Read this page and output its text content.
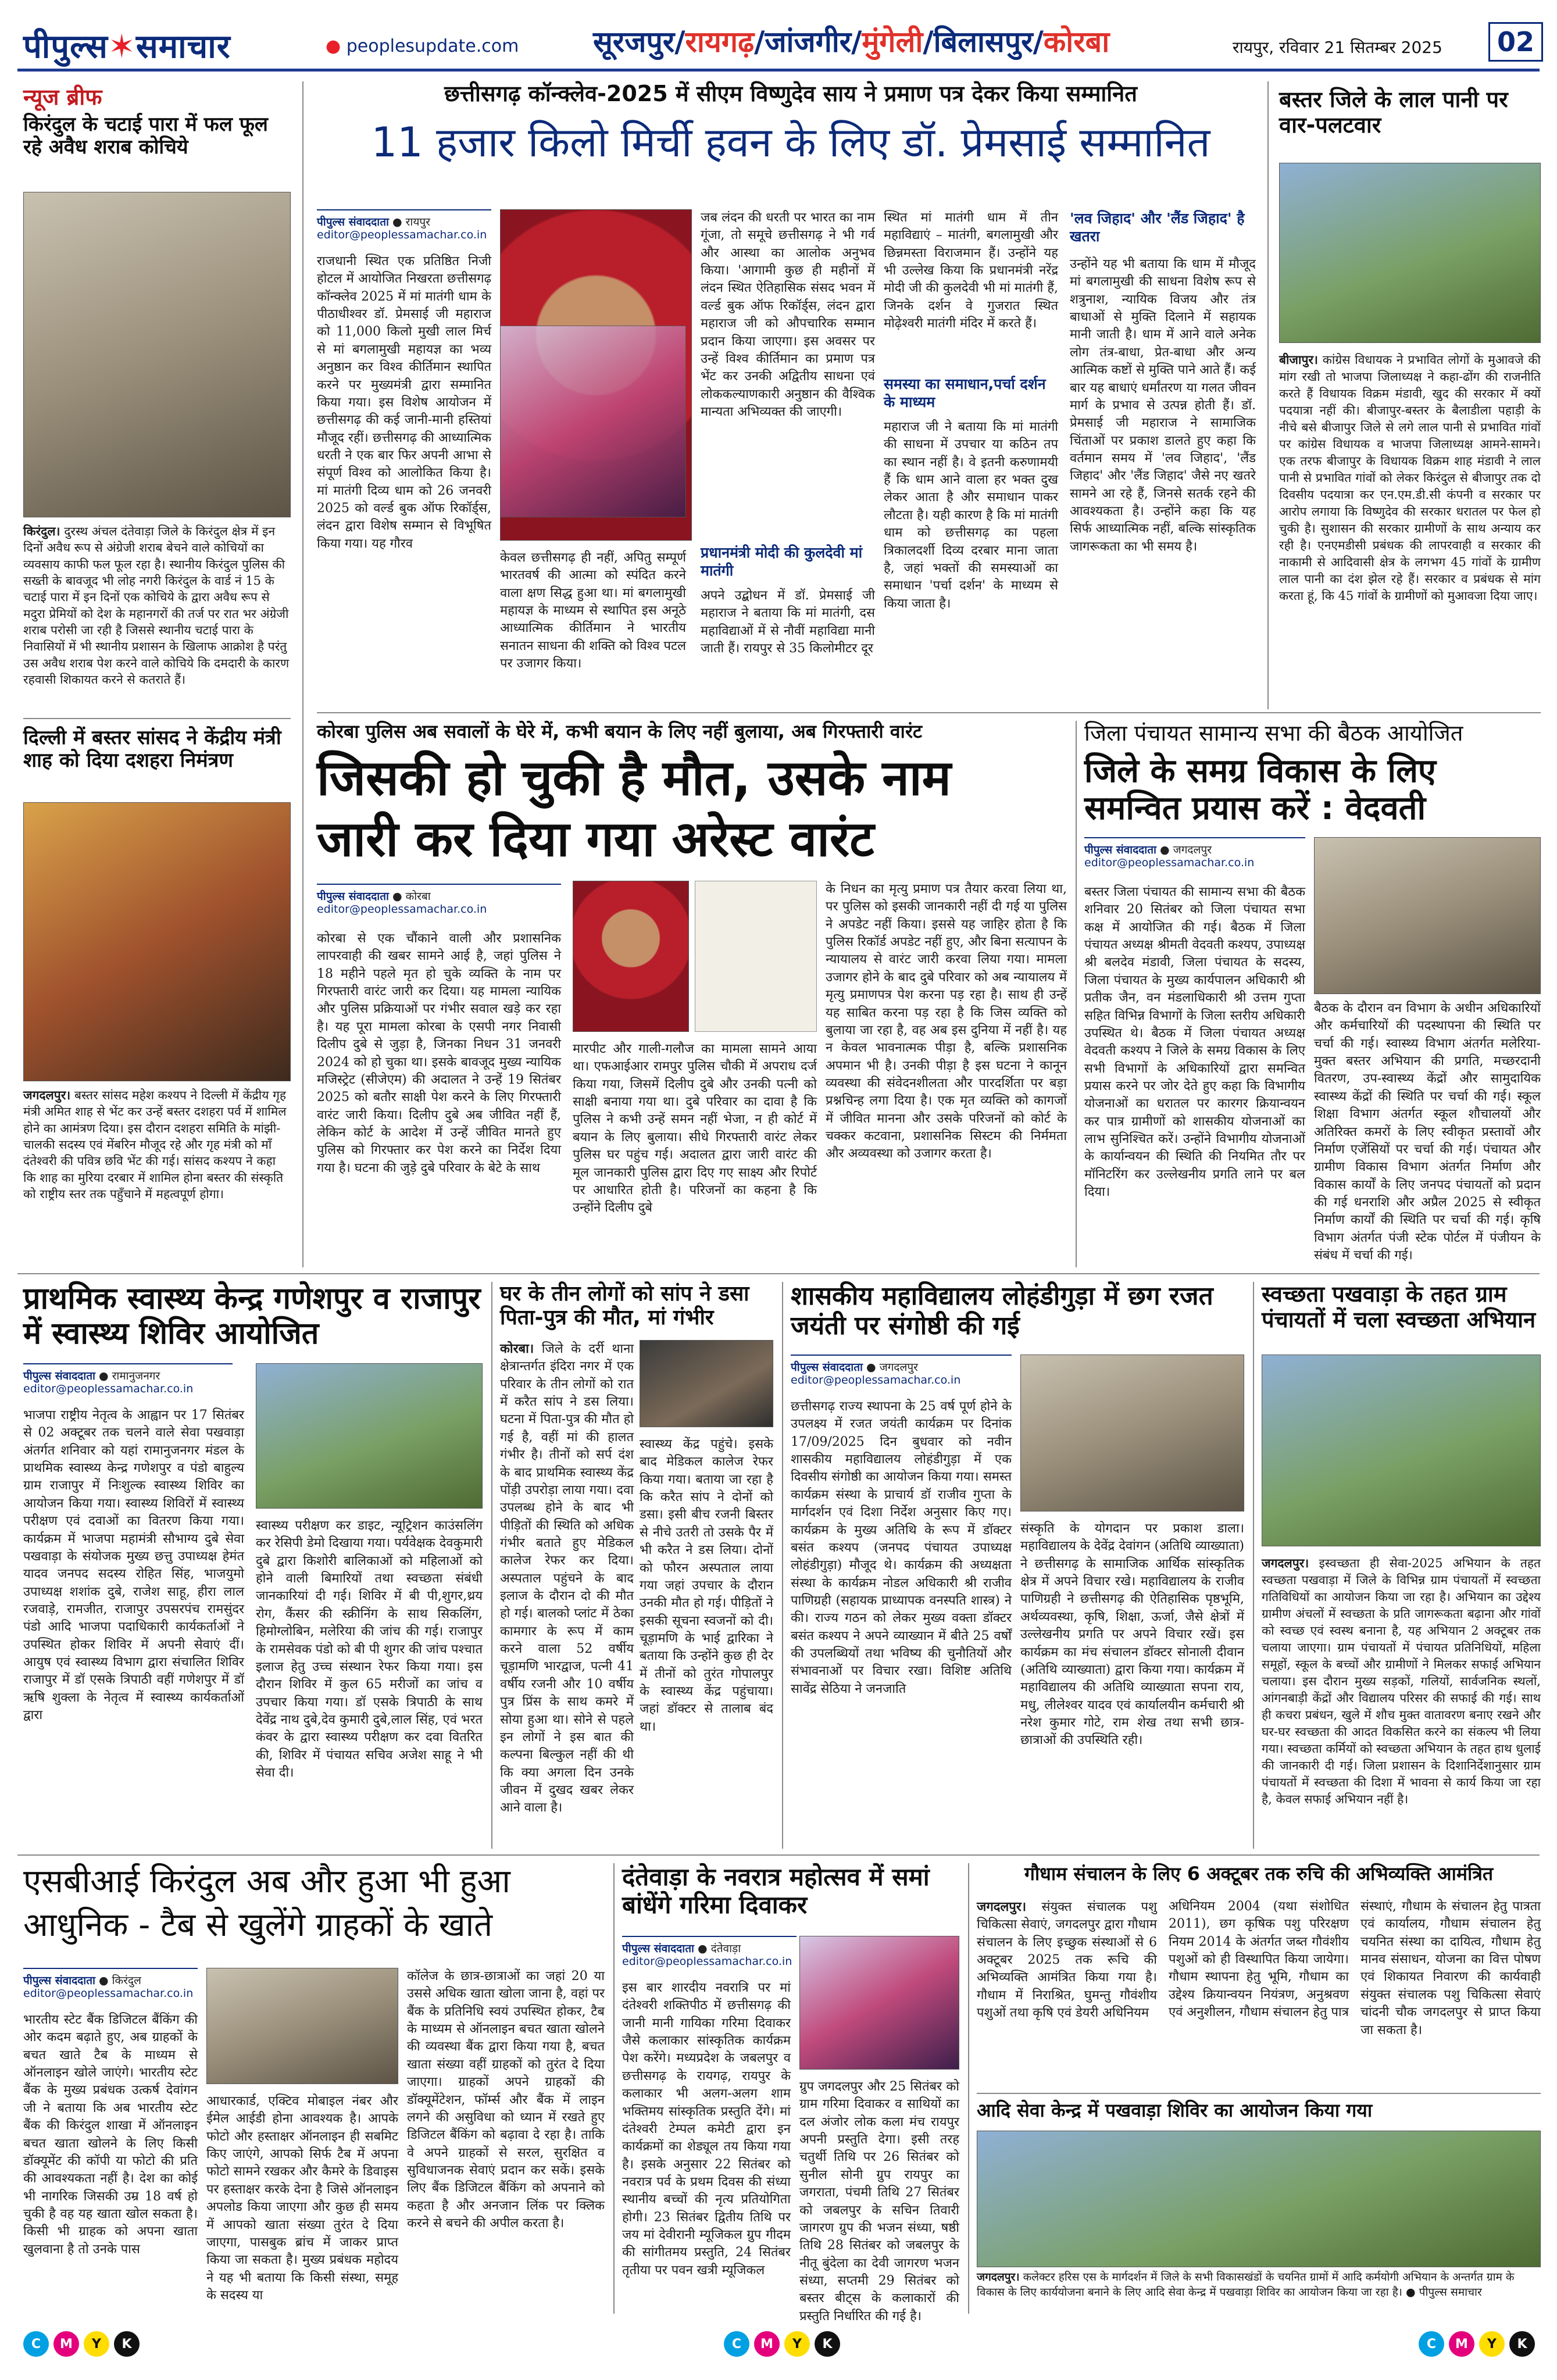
पीपुल्स✶समाचार	● peoplesupdate.com	सूरजपुर/रायगढ़/जांजगीर/मुंगेली/बिलासपुर/कोरबा	रायपुर, रविवार 21 सितम्बर 2025	02
न्यूज ब्रीफ
किरंदुल के चटाई पारा में फल फूल रहे अवैध शराब कोचिये
किरंदुल। दुरस्थ अंचल दंतेवाड़ा जिले के किरंदुल क्षेत्र में इन दिनों अवैध रूप से अंग्रेजी शराब बेचने वाले कोचियों का व्यवसाय काफी फल फूल रहा है। स्थानीय किरंदुल पुलिस की सख्ती के बावजूद भी लोह नगरी किरंदुल के वार्ड नं 15 के चटाई पारा में इन दिनों एक कोचिये के द्वारा अवैध रूप से मदुरा प्रेमियों को देश के महानगरों की तर्ज पर रात भर अंग्रेजी शराब परोसी जा रही है जिससे स्थानीय चटाई पारा के निवासियों में भी स्थानीय प्रशासन के खिलाफ आक्रोश है परंतु उस अवैध शराब पेश करने वाले कोचिये कि दमदारी के कारण रहवासी शिकायत करने से कतराते हैं।
दिल्ली में बस्तर सांसद ने केंद्रीय मंत्री शाह को दिया दशहरा निमंत्रण
जगदलपुर। बस्तर सांसद महेश कश्यप ने दिल्ली में केंद्रीय गृह मंत्री अमित शाह से भेंट कर उन्हें बस्तर दशहरा पर्व में शामिल होने का आमंत्रण दिया। इस दौरान दशहरा समिति के मांझी-चालकी सदस्य एवं मेंबरिन मौजूद रहे और गृह मंत्री को माँ दंतेश्वरी की पवित्र छवि भेंट की गई। सांसद कश्यप ने कहा कि शाह का मुरिया दरबार में शामिल होना बस्तर की संस्कृति को राष्ट्रीय स्तर तक पहुँचाने में महत्वपूर्ण होगा।
छत्तीसगढ़ कॉन्क्लेव-2025 में सीएम विष्णुदेव साय ने प्रमाण पत्र देकर किया सम्मानित
11 हजार किलो मिर्ची हवन के लिए डॉ. प्रेमसाई सम्मानित
पीपुल्स संवाददाता ● रायपुर
editor@peoplessamachar.co.in
राजधानी स्थित एक प्रतिष्ठित निजी होटल में आयोजित निखरता छत्तीसगढ़ कॉन्क्लेव 2025 में मां मातंगी धाम के पीठाधीश्वर डॉ. प्रेमसाई जी महाराज को 11,000 किलो मुखी लाल मिर्च से मां बगलामुखी महायज्ञ का भव्य अनुष्ठान कर विश्व कीर्तिमान स्थापित करने पर मुख्यमंत्री द्वारा सम्मानित किया गया। इस विशेष आयोजन में छत्तीसगढ़ की कई जानी-मानी हस्तियां मौजूद रहीं। छत्तीसगढ़ की आध्यात्मिक धरती ने एक बार फिर अपनी आभा से संपूर्ण विश्व को आलोकित किया है। मां मातंगी दिव्य धाम को 26 जनवरी 2025 को वर्ल्ड बुक ऑफ रिकॉर्ड्स, लंदन द्वारा विशेष सम्मान से विभूषित किया गया। यह गौरव
केवल छत्तीसगढ़ ही नहीं, अपितु सम्पूर्ण भारतवर्ष की आत्मा को स्पंदित करने वाला क्षण सिद्ध हुआ था। मां बगलामुखी महायज्ञ के माध्यम से स्थापित इस अनूठे आध्यात्मिक कीर्तिमान ने भारतीय सनातन साधना की शक्ति को विश्व पटल पर उजागर किया।
जब लंदन की धरती पर भारत का नाम गूंजा, तो समूचे छत्तीसगढ़ ने भी गर्व और आस्था का आलोक अनुभव किया। 'आगामी कुछ ही महीनों में लंदन स्थित ऐतिहासिक संसद भवन में वर्ल्ड बुक ऑफ रिकॉर्ड्स, लंदन द्वारा महाराज जी को औपचारिक सम्मान प्रदान किया जाएगा। इस अवसर पर उन्हें विश्व कीर्तिमान का प्रमाण पत्र भेंट कर उनकी अद्वितीय साधना एवं लोककल्याणकारी अनुष्ठान की वैश्विक मान्यता अभिव्यक्त की जाएगी।
प्रधानमंत्री मोदी की कुलदेवी मां मातंगी
अपने उद्बोधन में डॉ. प्रेमसाई जी महाराज ने बताया कि मां मातंगी, दस महाविद्याओं में से नौवीं महाविद्या मानी जाती हैं। रायपुर से 35 किलोमीटर दूर
स्थित मां मातंगी धाम में तीन महाविद्याएं – मातंगी, बगलामुखी और छिन्नमस्ता विराजमान हैं। उन्होंने यह भी उल्लेख किया कि प्रधानमंत्री नरेंद्र मोदी जी की कुलदेवी भी मां मातंगी हैं, जिनके दर्शन वे गुजरात स्थित मोढ़ेश्वरी मातंगी मंदिर में करते हैं।
समस्या का समाधान,पर्चा दर्शन के माध्यम
महाराज जी ने बताया कि मां मातंगी की साधना में उपचार या कठिन तप का स्थान नहीं है। वे इतनी करुणामयी हैं कि धाम आने वाला हर भक्त दुख लेकर आता है और समाधान पाकर लौटता है। यही कारण है कि मां मातंगी धाम को छत्तीसगढ़ का पहला त्रिकालदर्शी दिव्य दरबार माना जाता है, जहां भक्तों की समस्याओं का समाधान 'पर्चा दर्शन' के माध्यम से किया जाता है।
'लव जिहाद' और 'लैंड जिहाद' है खतरा
उन्होंने यह भी बताया कि धाम में मौजूद मां बगलामुखी की साधना विशेष रूप से शत्रुनाश, न्यायिक विजय और तंत्र बाधाओं से मुक्ति दिलाने में सहायक मानी जाती है। धाम में आने वाले अनेक लोग तंत्र-बाधा, प्रेत-बाधा और अन्य आत्मिक कष्टों से मुक्ति पाने आते हैं। कई बार यह बाधाएं धर्मांतरण या गलत जीवन मार्ग के प्रभाव से उत्पन्न होती हैं। डॉ. प्रेमसाई जी महाराज ने सामाजिक चिंताओं पर प्रकाश डालते हुए कहा कि वर्तमान समय में 'लव जिहाद', 'लैंड जिहाद' और 'लैंड जिहाद' जैसे नए खतरे सामने आ रहे हैं, जिनसे सतर्क रहने की आवश्यकता है। उन्होंने कहा कि यह सिर्फ आध्यात्मिक नहीं, बल्कि सांस्कृतिक जागरूकता का भी समय है।
बस्तर जिले के लाल पानी पर वार-पलटवार
बीजापुर। कांग्रेस विधायक ने प्रभावित लोगों के मुआवजे की मांग रखी तो भाजपा जिलाध्यक्ष ने कहा-ढोंग की राजनीति करते हैं विधायक विक्रम मंडावी, खुद की सरकार में क्यों पदयात्रा नहीं की। बीजापुर-बस्तर के बैलाडीला पहाड़ी के नीचे बसे बीजापुर जिले से लगे लाल पानी से प्रभावित गांवों पर कांग्रेस विधायक व भाजपा जिलाध्यक्ष आमने-सामने। एक तरफ बीजापुर के विधायक विक्रम शाह मंडावी ने लाल पानी से प्रभावित गांवों को लेकर किरंदुल से बीजापुर तक दो दिवसीय पदयात्रा कर एन.एम.डी.सी कंपनी व सरकार पर आरोप लगाया कि विष्णुदेव की सरकार धरातल पर फेल हो चुकी है। सुशासन की सरकार ग्रामीणों के साथ अन्याय कर रही है। एनएमडीसी प्रबंधक की लापरवाही व सरकार की नाकामी से आदिवासी क्षेत्र के लगभग 45 गांवों के ग्रामीण लाल पानी का दंश झेल रहे हैं। सरकार व प्रबंधक से मांग करता हूं, कि 45 गांवों के ग्रामीणों को मुआवजा दिया जाए।
कोरबा पुलिस अब सवालों के घेरे में, कभी बयान के लिए नहीं बुलाया, अब गिरफ्तारी वारंट
जिसकी हो चुकी है मौत, उसके नाम
जारी कर दिया गया अरेस्ट वारंट
पीपुल्स संवाददाता ● कोरबा
editor@peoplessamachar.co.in
कोरबा से एक चौंकाने वाली और प्रशासनिक लापरवाही की खबर सामने आई है, जहां पुलिस ने 18 महीने पहले मृत हो चुके व्यक्ति के नाम पर गिरफ्तारी वारंट जारी कर दिया। यह मामला न्यायिक और पुलिस प्रक्रियाओं पर गंभीर सवाल खड़े कर रहा है। यह पूरा मामला कोरबा के एसपी नगर निवासी दिलीप दुबे से जुड़ा है, जिनका निधन 31 जनवरी 2024 को हो चुका था। इसके बावजूद मुख्य न्यायिक मजिस्ट्रेट (सीजेएम) की अदालत ने उन्हें 19 सितंबर 2025 को बतौर साक्षी पेश करने के लिए गिरफ्तारी वारंट जारी किया। दिलीप दुबे अब जीवित नहीं हैं, लेकिन कोर्ट के आदेश में उन्हें जीवित मानते हुए पुलिस को गिरफ्तार कर पेश करने का निर्देश दिया गया है। घटना की जुड़े दुबे परिवार के बेटे के साथ
मारपीट और गाली-गलौज का मामला सामने आया था। एफआईआर रामपुर पुलिस चौकी में अपराध दर्ज किया गया, जिसमें दिलीप दुबे और उनकी पत्नी को साक्षी बनाया गया था। दुबे परिवार का दावा है कि पुलिस ने कभी उन्हें समन नहीं भेजा, न ही कोर्ट में बयान के लिए बुलाया। सीधे गिरफ्तारी वारंट लेकर पुलिस घर पहुंच गई। अदालत द्वारा जारी वारंट की मूल जानकारी पुलिस द्वारा दिए गए साक्ष्य और रिपोर्ट पर आधारित होती है। परिजनों का कहना है कि उन्होंने दिलीप दुबे
के निधन का मृत्यु प्रमाण पत्र तैयार करवा लिया था, पर पुलिस को इसकी जानकारी नहीं दी गई या पुलिस ने अपडेट नहीं किया। इससे यह जाहिर होता है कि पुलिस रिकॉर्ड अपडेट नहीं हुए, और बिना सत्यापन के न्यायालय से वारंट जारी करवा लिया गया। मामला उजागर होने के बाद दुबे परिवार को अब न्यायालय में मृत्यु प्रमाणपत्र पेश करना पड़ रहा है। साथ ही उन्हें यह साबित करना पड़ रहा है कि जिस व्यक्ति को बुलाया जा रहा है, वह अब इस दुनिया में नहीं है। यह न केवल भावनात्मक पीड़ा है, बल्कि प्रशासनिक अपमान भी है। उनकी पीड़ा है इस घटना ने कानून व्यवस्था की संवेदनशीलता और पारदर्शिता पर बड़ा प्रश्नचिन्ह लगा दिया है। एक मृत व्यक्ति को कागजों में जीवित मानना और उसके परिजनों को कोर्ट के चक्कर कटवाना, प्रशासनिक सिस्टम की निर्ममता और अव्यवस्था को उजागर करता है।
जिला पंचायत सामान्य सभा की बैठक आयोजित
जिले के समग्र विकास के लिए समन्वित प्रयास करें : वेदवती
पीपुल्स संवाददाता ● जगदलपुर
editor@peoplessamachar.co.in
बस्तर जिला पंचायत की सामान्य सभा की बैठक शनिवार 20 सितंबर को जिला पंचायत सभा कक्ष में आयोजित की गई। बैठक में जिला पंचायत अध्यक्ष श्रीमती वेदवती कश्यप, उपाध्यक्ष श्री बलदेव मंडावी, जिला पंचायत के सदस्य, जिला पंचायत के मुख्य कार्यपालन अधिकारी श्री प्रतीक जैन, वन मंडलाधिकारी श्री उत्तम गुप्ता सहित विभिन्न विभागों के जिला स्तरीय अधिकारी उपस्थित थे। बैठक में जिला पंचायत अध्यक्ष वेदवती कश्यप ने जिले के समग्र विकास के लिए सभी विभागों के अधिकारियों द्वारा समन्वित प्रयास करने पर जोर देते हुए कहा कि विभागीय योजनाओं का धरातल पर कारगर क्रियान्वयन कर पात्र ग्रामीणों को शासकीय योजनाओं का लाभ सुनिश्चित करें। उन्होंने विभागीय योजनाओं के कार्यान्वयन की स्थिति की नियमित तौर पर मॉनिटरिंग कर उल्लेखनीय प्रगति लाने पर बल दिया।
बैठक के दौरान वन विभाग के अधीन अधिकारियों और कर्मचारियों की पदस्थापना की स्थिति पर चर्चा की गई। स्वास्थ्य विभाग अंतर्गत मलेरिया-मुक्त बस्तर अभियान की प्रगति, मच्छरदानी वितरण, उप-स्वास्थ्य केंद्रों और सामुदायिक स्वास्थ्य केंद्रों की स्थिति पर चर्चा की गई। स्कूल शिक्षा विभाग अंतर्गत स्कूल शौचालयों और अतिरिक्त कमरों के लिए स्वीकृत प्रस्तावों और निर्माण एजेंसियों पर चर्चा की गई। पंचायत और ग्रामीण विकास विभाग अंतर्गत निर्माण और विकास कार्यों के लिए जनपद पंचायतों को प्रदान की गई धनराशि और अप्रैल 2025 से स्वीकृत निर्माण कार्यों की स्थिति पर चर्चा की गई। कृषि विभाग अंतर्गत पंजी स्टेक पोर्टल में पंजीयन के संबंध में चर्चा की गई।
प्राथमिक स्वास्थ्य केन्द्र गणेशपुर व राजापुर में स्वास्थ्य शिविर आयोजित
पीपुल्स संवाददाता ● रामानुजनगर
editor@peoplessamachar.co.in
भाजपा राष्ट्रीय नेतृत्व के आह्वान पर 17 सितंबर से 02 अक्टूबर तक चलने वाले सेवा पखवाड़ा अंतर्गत शनिवार को यहां रामानुजनगर मंडल के प्राथमिक स्वास्थ्य केन्द्र गणेशपुर व पंडो बाहुल्य ग्राम राजापुर में निःशुल्क स्वास्थ्य शिविर का आयोजन किया गया। स्वास्थ्य शिविरों में स्वास्थ्य परीक्षण एवं दवाओं का वितरण किया गया। कार्यक्रम में भाजपा महामंत्री सौभाग्य दुबे सेवा पखवाड़ा के संयोजक मुख्य छत्तु उपाध्यक्ष हेमंत यादव जनपद सदस्य रोहित सिंह, भाजयुमो उपाध्यक्ष शशांक दुबे, राजेश साहू, हीरा लाल रजवाड़े, रामजीत, राजापुर उपसरपंच रामसुंदर पंडो आदि भाजपा पदाधिकारी कार्यकर्ताओं ने उपस्थित होकर शिविर में अपनी सेवाएं दीं। आयुष एवं स्वास्थ्य विभाग द्वारा संचालित शिविर राजापुर में डॉ एसके त्रिपाठी वहीं गणेशपुर में डॉ ऋषि शुक्ला के नेतृत्व में स्वास्थ्य कार्यकर्ताओं द्वारा
स्वास्थ्य परीक्षण कर डाइट, न्यूट्रिशन काउंसलिंग कर रेसिपी डेमो दिखाया गया। पर्यवेक्षक देवकुमारी दुबे द्वारा किशोरी बालिकाओं को महिलाओं को होने वाली बिमारियों तथा स्वच्छता संबंधी जानकारियां दी गई। शिविर में बी पी,शुगर,थ्रय रोग, कैंसर की स्क्रीनिंग के साथ सिकलिंग, हिमोग्लोबिन, मलेरिया की जांच की गई। राजापुर के रामसेवक पंडो को बी पी शुगर की जांच पश्चात इलाज हेतु उच्च संस्थान रेफर किया गया। इस दौरान शिविर में कुल 65 मरीजों का जांच व उपचार किया गया। डॉ एसके त्रिपाठी के साथ देवेंद्र नाथ दुबे,देव कुमारी दुबे,लाल सिंह, एवं भरत कंवर के द्वारा स्वास्थ्य परीक्षण कर दवा वितरित की, शिविर में पंचायत सचिव अजेश साहू ने भी सेवा दी।
घर के तीन लोगों को सांप ने डसा पिता-पुत्र की मौत, मां गंभीर
कोरबा। जिले के दर्री थाना क्षेत्रान्तर्गत इंदिरा नगर में एक परिवार के तीन लोगों को रात में करैत सांप ने डस लिया। घटना में पिता-पुत्र की मौत हो गई है, वहीं मां की हालत गंभीर है। तीनों को सर्प दंश के बाद प्राथमिक स्वास्थ्य केंद्र पोंड़ी उपरोड़ा लाया गया। दवा उपलब्ध होने के बाद भी पीड़ितों की स्थिति को अधिक गंभीर बताते हुए मेडिकल कालेज रेफर कर दिया। अस्पताल पहुंचने के बाद इलाज के दौरान दो की मौत हो गई। बालको प्लांट में ठेका कामगार के रूप में काम करने वाला 52 वर्षीय चूड़ामणि भारद्वाज, पत्नी 41 वर्षीय रजनी और 10 वर्षीय पुत्र प्रिंस के साथ कमरे में सोया हुआ था। सोने से पहले इन लोगों ने इस बात की कल्पना बिल्कुल नहीं की थी कि क्या अगला दिन उनके जीवन में दुखद खबर लेकर आने वाला है।
स्वास्थ्य केंद्र पहुंचे। इसके बाद मेडिकल कालेज रेफर किया गया। बताया जा रहा है कि करैत सांप ने दोनों को डसा। इसी बीच रजनी बिस्तर से नीचे उतरी तो उसके पैर में भी करैत ने डस लिया। दोनों को फौरन अस्पताल लाया गया जहां उपचार के दौरान उनकी मौत हो गई। पीड़ितों ने इसकी सूचना स्वजनों को दी। चूड़ामणि के भाई द्वारिका ने बताया कि उन्होंने कुछ ही देर में तीनों को तुरंत गोपालपुर के स्वास्थ्य केंद्र पहुंचाया। जहां डॉक्टर से तालाब बंद था।
शासकीय महाविद्यालय लोहंडीगुड़ा में छग रजत जयंती पर संगोष्ठी की गई
पीपुल्स संवाददाता ● जगदलपुर
editor@peoplessamachar.co.in
छत्तीसगढ़ राज्य स्थापना के 25 वर्ष पूर्ण होने के उपलक्ष्य में रजत जयंती कार्यक्रम पर दिनांक 17/09/2025 दिन बुधवार को नवीन शासकीय महाविद्यालय लोहंडीगुड़ा में एक दिवसीय संगोष्ठी का आयोजन किया गया। समस्त कार्यक्रम संस्था के प्राचार्य डॉ राजीव गुप्ता के मार्गदर्शन एवं दिशा निर्देश अनुसार किए गए। कार्यक्रम के मुख्य अतिथि के रूप में डॉक्टर बसंत कश्यप (जनपद पंचायत उपाध्यक्ष लोहंडीगुड़ा) मौजूद थे। कार्यक्रम की अध्यक्षता संस्था के कार्यक्रम नोडल अधिकारी श्री राजीव पाणिग्रही (सहायक प्राध्यापक वनस्पति शास्त्र) ने की। राज्य गठन को लेकर मुख्य वक्ता डॉक्टर बसंत कश्यप ने अपने व्याख्यान में बीते 25 वर्षों की उपलब्धियों तथा भविष्य की चुनौतियों और संभावनाओं पर विचार रखा। विशिष्ट अतिथि सावेंद्र सेठिया ने जनजाति
संस्कृति के योगदान पर प्रकाश डाला। महाविद्यालय के देवेंद्र देवांगन (अतिथि व्याख्याता) ने छत्तीसगढ़ के सामाजिक आर्थिक सांस्कृतिक क्षेत्र में अपने विचार रखे। महाविद्यालय के राजीव पाणिग्रही ने छत्तीसगढ़ की ऐतिहासिक पृष्ठभूमि, अर्थव्यवस्था, कृषि, शिक्षा, ऊर्जा, जैसे क्षेत्रों में उल्लेखनीय प्रगति पर अपने विचार रखें। इस कार्यक्रम का मंच संचालन डॉक्टर सोनाली दीवान (अतिथि व्याख्याता) द्वारा किया गया। कार्यक्रम में महाविद्यालय की अतिथि व्याख्याता सपना राय, मधु, लीलेश्वर यादव एवं कार्यालयीन कर्मचारी श्री नरेश कुमार गोटे, राम शेख तथा सभी छात्र-छात्राओं की उपस्थिति रही।
स्वच्छता पखवाड़ा के तहत ग्राम पंचायतों में चला स्वच्छता अभियान
जगदलपुर। इस्वच्छता ही सेवा-2025 अभियान के तहत स्वच्छता पखवाड़ा में जिले के विभिन्न ग्राम पंचायतों में स्वच्छता गतिविधियों का आयोजन किया जा रहा है। अभियान का उद्देश्य ग्रामीण अंचलों में स्वच्छता के प्रति जागरूकता बढ़ाना और गांवों को स्वच्छ एवं स्वस्थ बनाना है, यह अभियान 2 अक्टूबर तक चलाया जाएगा। ग्राम पंचायतों में पंचायत प्रतिनिधियों, महिला समूहों, स्कूल के बच्चों और ग्रामीणों ने मिलकर सफाई अभियान चलाया। इस दौरान मुख्य सड़कों, गलियों, सार्वजनिक स्थलों, आंगनबाड़ी केंद्रों और विद्यालय परिसर की सफाई की गई। साथ ही कचरा प्रबंधन, खुले में शौच मुक्त वातावरण बनाए रखने और घर-घर स्वच्छता की आदत विकसित करने का संकल्प भी लिया गया। स्वच्छता कर्मियों को स्वच्छता अभियान के तहत हाथ धुलाई की जानकारी दी गई। जिला प्रशासन के दिशानिर्देशानुसार ग्राम पंचायतों में स्वच्छता की दिशा में भावना से कार्य किया जा रहा है, केवल सफाई अभियान नहीं है।
एसबीआई किरंदुल अब और हुआ भी हुआ
आधुनिक - टैब से खुलेंगे ग्राहकों के खाते
पीपुल्स संवाददाता ● किरंदुल
editor@peoplessamachar.co.in
भारतीय स्टेट बैंक डिजिटल बैंकिंग की ओर कदम बढ़ाते हुए, अब ग्राहकों के बचत खाते टैब के माध्यम से ऑनलाइन खोले जाएंगे। भारतीय स्टेट बैंक के मुख्य प्रबंधक उत्कर्ष देवांगन जी ने बताया कि अब भारतीय स्टेट बैंक की किरंदुल शाखा में ऑनलाइन बचत खाता खोलने के लिए किसी डॉक्यूमेंट की कॉपी या फोटो की प्रति की आवश्यकता नहीं है। देश का कोई भी नागरिक जिसकी उम्र 18 वर्ष हो चुकी है वह यह खाता खोल सकता है। किसी भी ग्राहक को अपना खाता खुलवाना है तो उनके पास
आधारकार्ड, एक्टिव मोबाइल नंबर और ईमेल आईडी होना आवश्यक है। आपके फोटो और हस्ताक्षर ऑनलाइन ही सबमिट किए जाएंगे, आपको सिर्फ टैब में अपना फोटो सामने रखकर और कैमरे के डिवाइस पर हस्ताक्षर करके देना है जिसे ऑनलाइन अपलोड किया जाएगा और कुछ ही समय में आपको खाता संख्या तुरंत दे दिया जाएगा, पासबुक ब्रांच में जाकर प्राप्त किया जा सकता है। मुख्य प्रबंधक महोदय ने यह भी बताया कि किसी संस्था, समूह के सदस्य या
कॉलेज के छात्र-छात्राओं का जहां 20 या उससे अधिक खाता खोला जाना है, वहां पर बैंक के प्रतिनिधि स्वयं उपस्थित होकर, टैब के माध्यम से ऑनलाइन बचत खाता खोलने की व्यवस्था बैंक द्वारा किया गया है, बचत खाता संख्या वहीं ग्राहकों को तुरंत दे दिया जाएगा। ग्राहकों अपने ग्राहकों की डॉक्यूमेंटेशन, फॉर्म्स और बैंक में लाइन लगने की असुविधा को ध्यान में रखते हुए डिजिटल बैंकिंग को बढ़ावा दे रहा है। ताकि वे अपने ग्राहकों से सरल, सुरक्षित व सुविधाजनक सेवाएं प्रदान कर सकें। इसके लिए बैंक डिजिटल बैंकिंग को अपनाने को कहता है और अनजान लिंक पर क्लिक करने से बचने की अपील करता है।
दंतेवाड़ा के नवरात्र महोत्सव में समां बांधेंगे गरिमा दिवाकर
पीपुल्स संवाददाता ● दंतेवाड़ा
editor@peoplessamachar.co.in
इस बार शारदीय नवरात्रि पर मां दंतेश्वरी शक्तिपीठ में छत्तीसगढ़ की जानी मानी गायिका गरिमा दिवाकर जैसे कलाकार सांस्कृतिक कार्यक्रम पेश करेंगे। मध्यप्रदेश के जबलपुर व छत्तीसगढ़ के रायगढ़, रायपुर के कलाकार भी अलग-अलग शाम भक्तिमय सांस्कृतिक प्रस्तुति देंगे। मां दंतेश्वरी टेम्पल कमेटी द्वारा इन कार्यक्रमों का शेड्यूल तय किया गया है। इसके अनुसार 22 सितंबर को नवरात्र पर्व के प्रथम दिवस की संध्या स्थानीय बच्चों की नृत्य प्रतियोगिता होगी। 23 सितंबर द्वितीय तिथि पर जय मां देवीरानी म्यूजिकल ग्रुप गीदम की सांगीतमय प्रस्तुति, 24 सितंबर तृतीया पर पवन खत्री म्यूजिकल
ग्रुप जगदलपुर और 25 सितंबर को ग्राम गरिमा दिवाकर व साथियों का दल अंजोर लोक कला मंच रायपुर अपनी प्रस्तुति देगा। इसी तरह चतुर्थी तिथि पर 26 सितंबर को सुनील सोनी ग्रुप रायपुर का जगराता, पंचमी तिथि 27 सितंबर को जबलपुर के सचिन तिवारी जागरण ग्रुप की भजन संध्या, षष्ठी तिथि 28 सितंबर को जबलपुर के नीतू बुंदेला का देवी जागरण भजन संध्या, सप्तमी 29 सितंबर को बस्तर बीट्स के कलाकारों की प्रस्तुति निर्धारित की गई है।
गौधाम संचालन के लिए 6 अक्टूबर तक रुचि की अभिव्यक्ति आमंत्रित
जगदलपुर। संयुक्त संचालक पशु चिकित्सा सेवाएं, जगदलपुर द्वारा गौधाम संचालन के लिए इच्छुक संस्थाओं से 6 अक्टूबर 2025 तक रूचि की अभिव्यक्ति आमंत्रित किया गया है। गौधाम में निराश्रित, घुमन्तु गौवंशीय पशुओं तथा कृषि एवं डेयरी अधिनियम
अधिनियम 2004 (यथा संशोधित 2011), छग कृषिक पशु परिरक्षण नियम 2014 के अंतर्गत जब्त गौवंशीय पशुओं को ही विस्थापित किया जायेगा। गौधाम स्थापना हेतु भूमि, गौधाम का उद्देश्य क्रियान्वयन नियंत्रण, अनुश्रवण एवं अनुशीलन, गौधाम संचालन हेतु पात्र
संस्थाएं, गौधाम के संचालन हेतु पात्रता एवं कार्यालय, गौधाम संचालन हेतु चयनित संस्था का दायित्व, गौधाम हेतु मानव संसाधन, योजना का वित्त पोषण एवं शिकायत निवारण की कार्यवाही संयुक्त संचालक पशु चिकित्सा सेवाएं चांदनी चौक जगदलपुर से प्राप्त किया जा सकता है।
आदि सेवा केन्द्र में पखवाड़ा शिविर का आयोजन किया गया
जगदलपुर। कलेक्टर हरिस एस के मार्गदर्शन में जिले के सभी विकासखंडों के चयनित ग्रामों में आदि कर्मयोगी अभियान के अन्तर्गत ग्राम के विकास के लिए कार्ययोजना बनाने के लिए आदि सेवा केन्द्र में पखवाड़ा शिविर का आयोजन किया जा रहा है। ● पीपुल्स समाचार
C	M	Y	K	C	M	Y	K	C	M	Y	K
